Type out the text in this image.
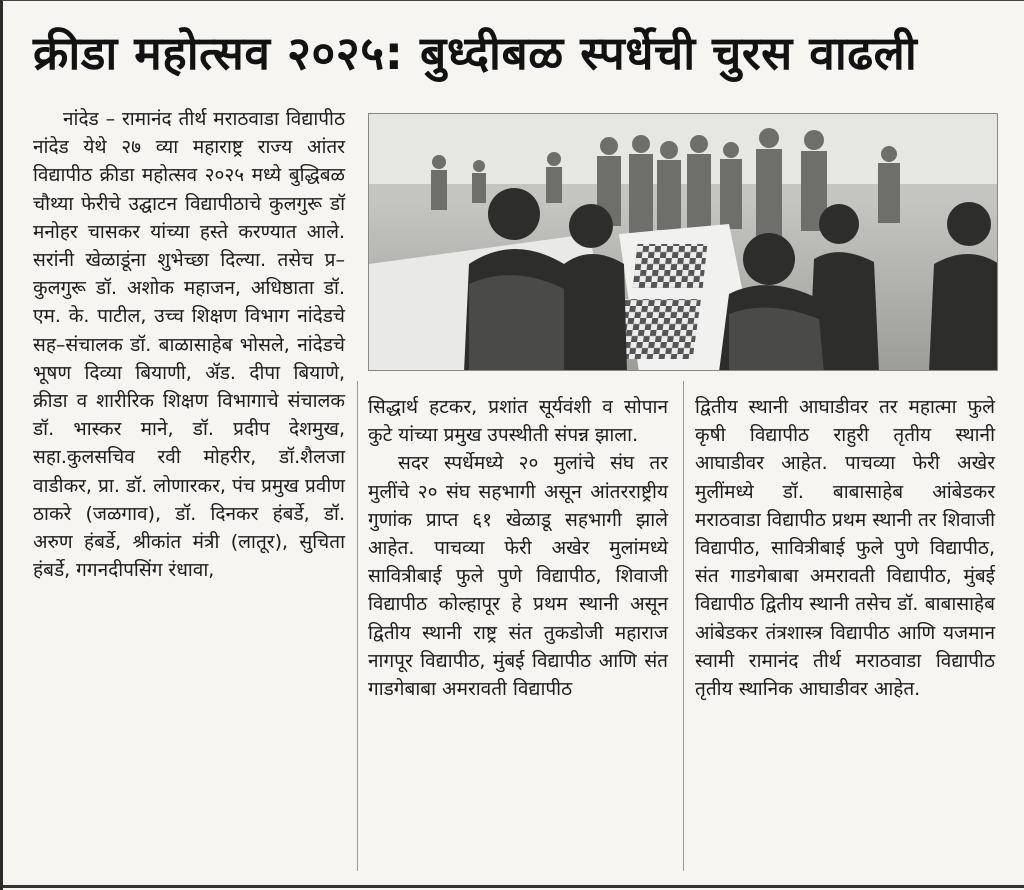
क्रीडा महोत्सव २०२५: बुध्दीबळ स्पर्धेची चुरस वाढली

नांदेड – रामानंद तीर्थ मराठवाडा विद्यापीठ नांदेड येथे २७ व्या महाराष्ट्र राज्य आंतर विद्यापीठ क्रीडा महोत्सव २०२५ मध्ये बुद्धिबळ चौथ्या फेरीचे उद्घाटन विद्यापीठाचे कुलगुरू डॉ मनोहर चासकर यांच्या हस्ते करण्यात आले. सरांनी खेळाडूंना शुभेच्छा दिल्या. तसेच प्र–कुलगुरू डॉ. अशोक महाजन, अधिष्ठाता डॉ. एम. के. पाटील, उच्च शिक्षण विभाग नांदेडचे सह–संचालक डॉ. बाळासाहेब भोसले, नांदेडचे भूषण दिव्या बियाणी, ॲड. दीपा बियाणे, क्रीडा व शारीरिक शिक्षण विभागाचे संचालक डॉ. भास्कर माने, डॉ. प्रदीप देशमुख, सहा.कुलसचिव रवी मोहरीर, डॉ.शैलजा वाडीकर, प्रा. डॉ. लोणारकर, पंच प्रमुख प्रवीण ठाकरे (जळगाव), डॉ. दिनकर हंबर्डे, डॉ. अरुण हंबर्डे, श्रीकांत मंत्री (लातूर), सुचिता हंबर्डे, गगनदीपसिंग रंधावा,

सिद्धार्थ हटकर, प्रशांत सूर्यवंशी व सोपान कुटे यांच्या प्रमुख उपस्थीती संपन्न झाला.

सदर स्पर्धेमध्ये २० मुलांचे संघ तर मुलींचे २० संघ सहभागी असून आंतरराष्ट्रीय गुणांक प्राप्त ६१ खेळाडू सहभागी झाले आहेत. पाचव्या फेरी अखेर मुलांमध्ये सावित्रीबाई फुले पुणे विद्यापीठ, शिवाजी विद्यापीठ कोल्हापूर हे प्रथम स्थानी असून द्वितीय स्थानी राष्ट्र संत तुकडोजी महाराज नागपूर विद्यापीठ, मुंबई विद्यापीठ आणि संत गाडगेबाबा अमरावती विद्यापीठ

द्वितीय स्थानी आघाडीवर तर महात्मा फुले कृषी विद्यापीठ राहुरी तृतीय स्थानी आघाडीवर आहेत. पाचव्या फेरी अखेर मुलींमध्ये डॉ. बाबासाहेब आंबेडकर मराठवाडा विद्यापीठ प्रथम स्थानी तर शिवाजी विद्यापीठ, सावित्रीबाई फुले पुणे विद्यापीठ, संत गाडगेबाबा अमरावती विद्यापीठ, मुंबई विद्यापीठ द्वितीय स्थानी तसेच डॉ. बाबासाहेब आंबेडकर तंत्रशास्त्र विद्यापीठ आणि यजमान स्वामी रामानंद तीर्थ मराठवाडा विद्यापीठ तृतीय स्थानिक आघाडीवर आहेत.
